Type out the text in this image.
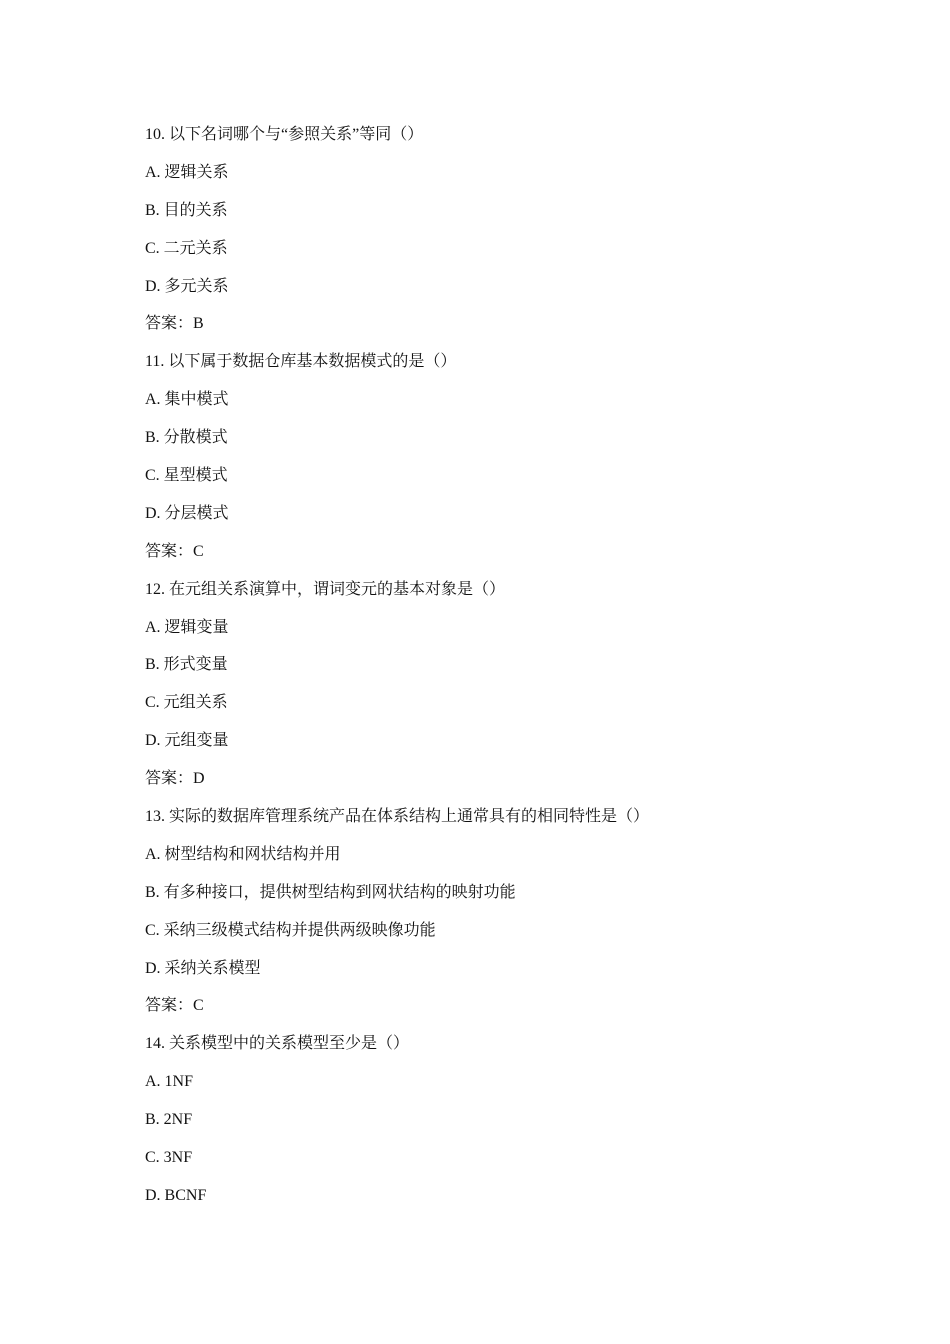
10. 以下名词哪个与“参照关系”等同（）
A. 逻辑关系
B. 目的关系
C. 二元关系
D. 多元关系
答案：B
11. 以下属于数据仓库基本数据模式的是（）
A. 集中模式
B. 分散模式
C. 星型模式
D. 分层模式
答案：C
12. 在元组关系演算中，谓词变元的基本对象是（）
A. 逻辑变量
B. 形式变量
C. 元组关系
D. 元组变量
答案：D
13. 实际的数据库管理系统产品在体系结构上通常具有的相同特性是（）
A. 树型结构和网状结构并用
B. 有多种接口，提供树型结构到网状结构的映射功能
C. 采纳三级模式结构并提供两级映像功能
D. 采纳关系模型
答案：C
14. 关系模型中的关系模型至少是（）
A. 1NF
B. 2NF
C. 3NF
D. BCNF
